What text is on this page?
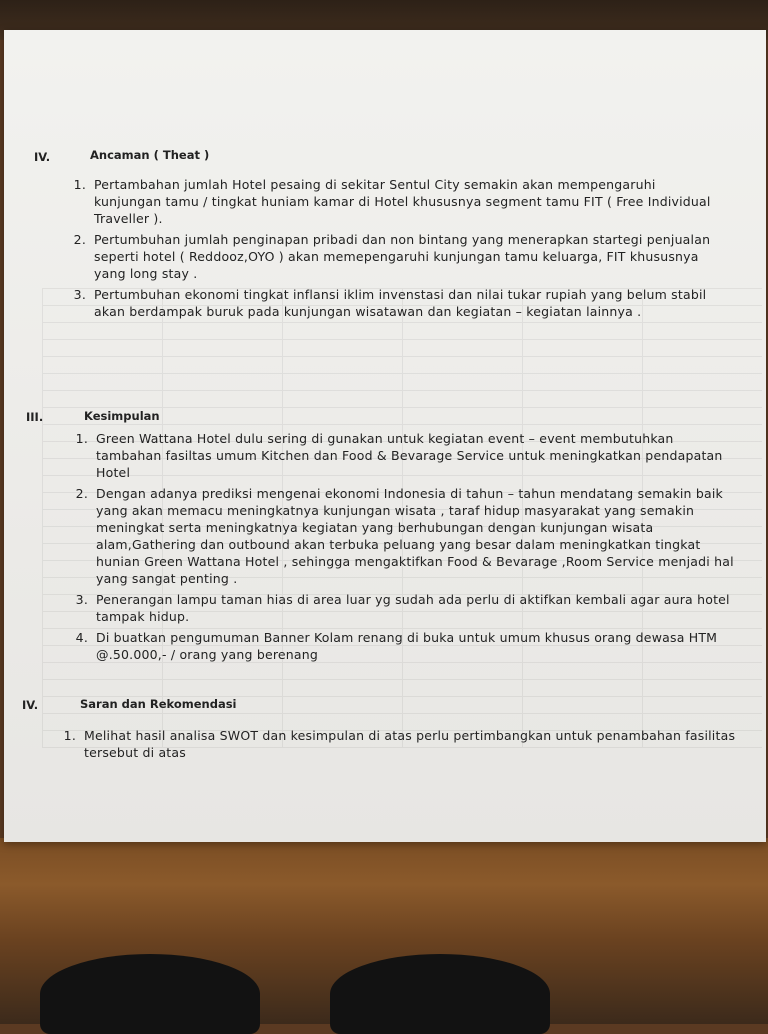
IV.	Ancaman ( Theat )
1. Pertambahan jumlah Hotel pesaing di sekitar Sentul City semakin akan mempengaruhi kunjungan tamu / tingkat huniam kamar di Hotel khususnya segment tamu FIT ( Free Individual Traveller ).
2. Pertumbuhan jumlah penginapan pribadi dan non bintang yang menerapkan startegi penjualan seperti hotel ( Reddooz,OYO ) akan memepengaruhi kunjungan tamu keluarga, FIT khususnya yang long stay .
3. Pertumbuhan ekonomi tingkat inflansi iklim invenstasi dan nilai tukar rupiah yang belum stabil akan berdampak buruk pada kunjungan wisatawan dan kegiatan – kegiatan lainnya .
III.	Kesimpulan
1. Green Wattana Hotel dulu sering di gunakan untuk kegiatan event – event membutuhkan tambahan fasiltas umum Kitchen dan Food & Bevarage Service untuk meningkatkan pendapatan Hotel
2. Dengan adanya prediksi mengenai ekonomi Indonesia di tahun – tahun mendatang semakin baik yang akan memacu meningkatnya kunjungan wisata , taraf hidup masyarakat yang semakin meningkat serta meningkatnya kegiatan yang berhubungan dengan kunjungan wisata alam,Gathering dan outbound akan terbuka peluang yang besar dalam meningkatkan tingkat hunian Green Wattana Hotel , sehingga mengaktifkan Food & Bevarage ,Room Service menjadi hal yang sangat penting .
3. Penerangan lampu taman hias di area luar yg sudah ada perlu di aktifkan kembali agar aura hotel tampak hidup.
4. Di buatkan pengumuman Banner Kolam renang di buka untuk umum khusus orang dewasa HTM @.50.000,- / orang yang berenang
IV.	Saran dan Rekomendasi
1. Melihat hasil analisa SWOT dan kesimpulan di atas perlu pertimbangkan untuk penambahan fasilitas tersebut di atas
